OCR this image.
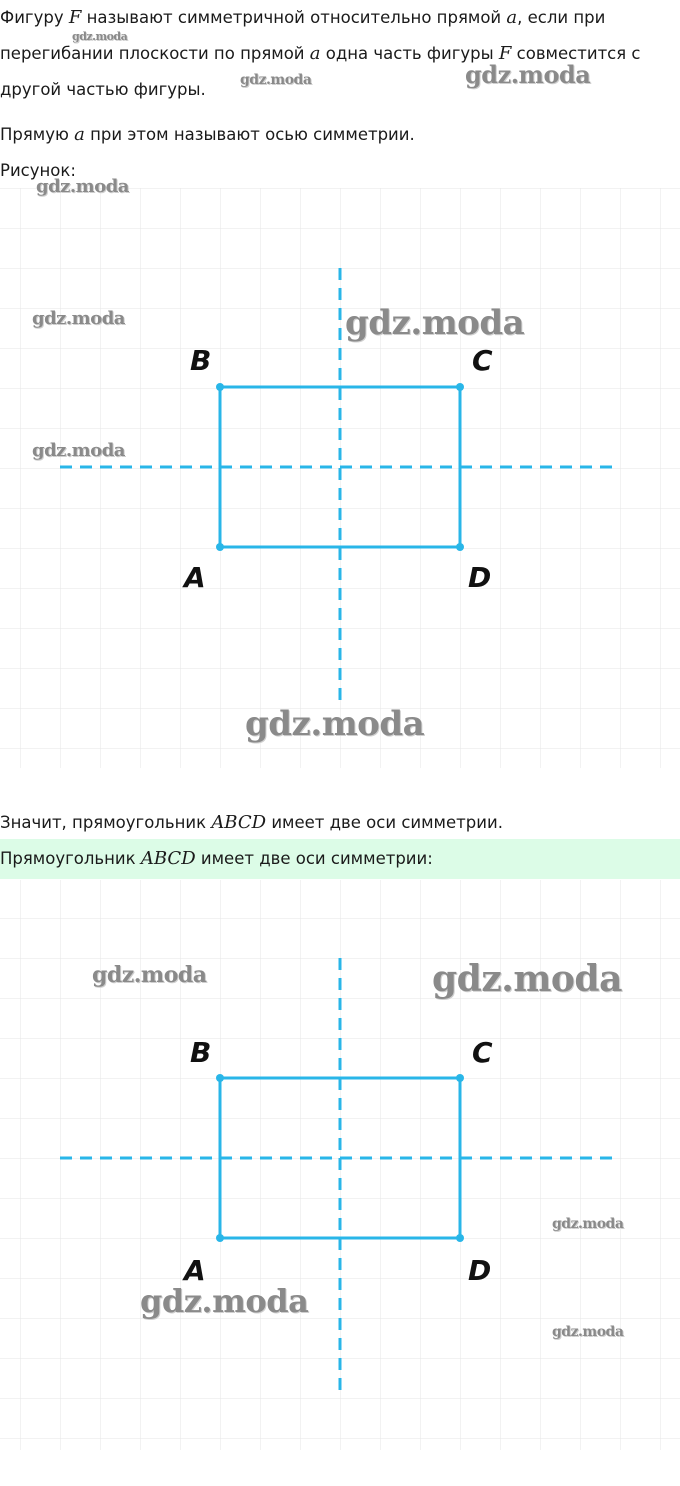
Фигуру F называют симметричной относительно прямой a, если при
перегибании плоскости по прямой a одна часть фигуры F совместится с
другой частью фигуры.
Прямую a при этом называют осью симметрии.
Рисунок:
B	C
A	D
Значит, прямоугольник ABCD имеет две оси симметрии.
Прямоугольник ABCD имеет две оси симметрии:
B	C
A	D
gdz.moda
gdz.moda	gdz.moda
gdz.moda
gdz.moda	gdz.moda
gdz.moda
gdz.moda
gdz.moda	gdz.moda
gdz.moda
gdz.moda
gdz.moda
